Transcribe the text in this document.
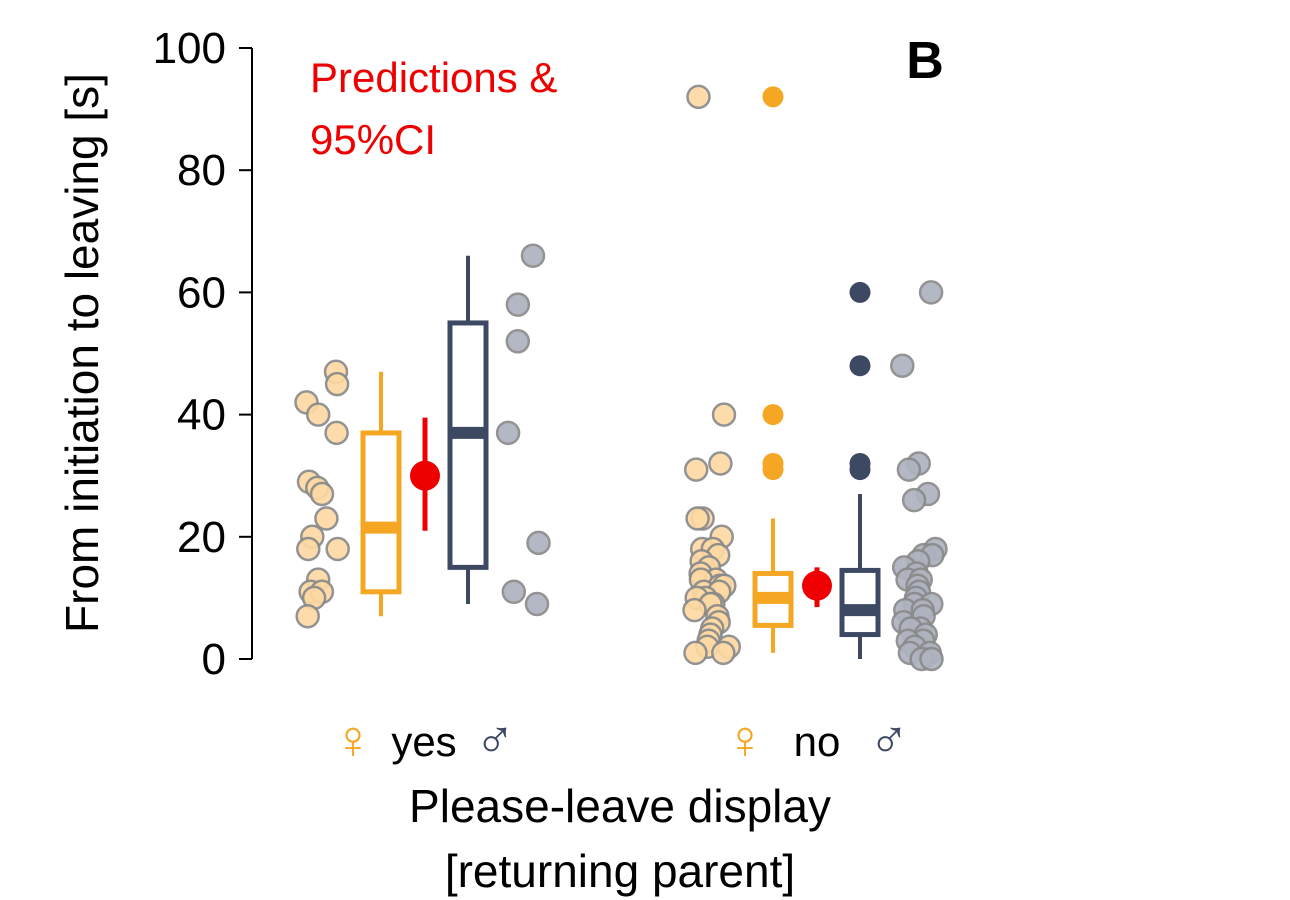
0
20
40
60
80
100	B
Predictions &
95%CI
From initiation to leaving [s]
Please-leave display
[returning parent]
♀ yes ♂	♀ no ♂
